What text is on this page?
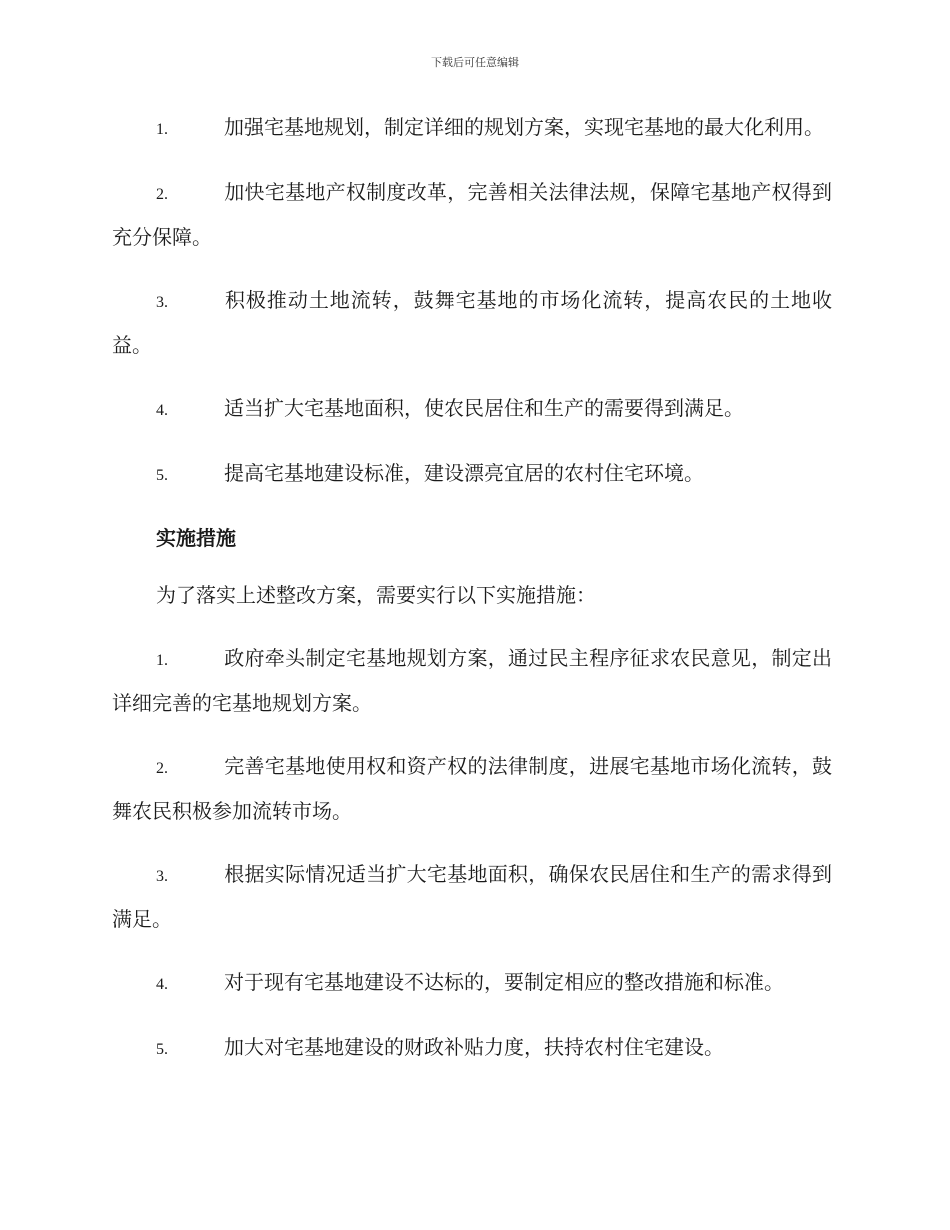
下载后可任意编辑

1.	加强宅基地规划，制定详细的规划方案，实现宅基地的最大化利用。

2.	加快宅基地产权制度改革，完善相关法律法规，保障宅基地产权得到充分保障。

3.	积极推动土地流转，鼓舞宅基地的市场化流转，提高农民的土地收益。

4.	适当扩大宅基地面积，使农民居住和生产的需要得到满足。

5.	提高宅基地建设标准，建设漂亮宜居的农村住宅环境。

实施措施

为了落实上述整改方案，需要实行以下实施措施：

1.	政府牵头制定宅基地规划方案，通过民主程序征求农民意见，制定出详细完善的宅基地规划方案。

2.	完善宅基地使用权和资产权的法律制度，进展宅基地市场化流转，鼓舞农民积极参加流转市场。

3.	根据实际情况适当扩大宅基地面积，确保农民居住和生产的需求得到满足。

4.	对于现有宅基地建设不达标的，要制定相应的整改措施和标准。

5.	加大对宅基地建设的财政补贴力度，扶持农村住宅建设。
